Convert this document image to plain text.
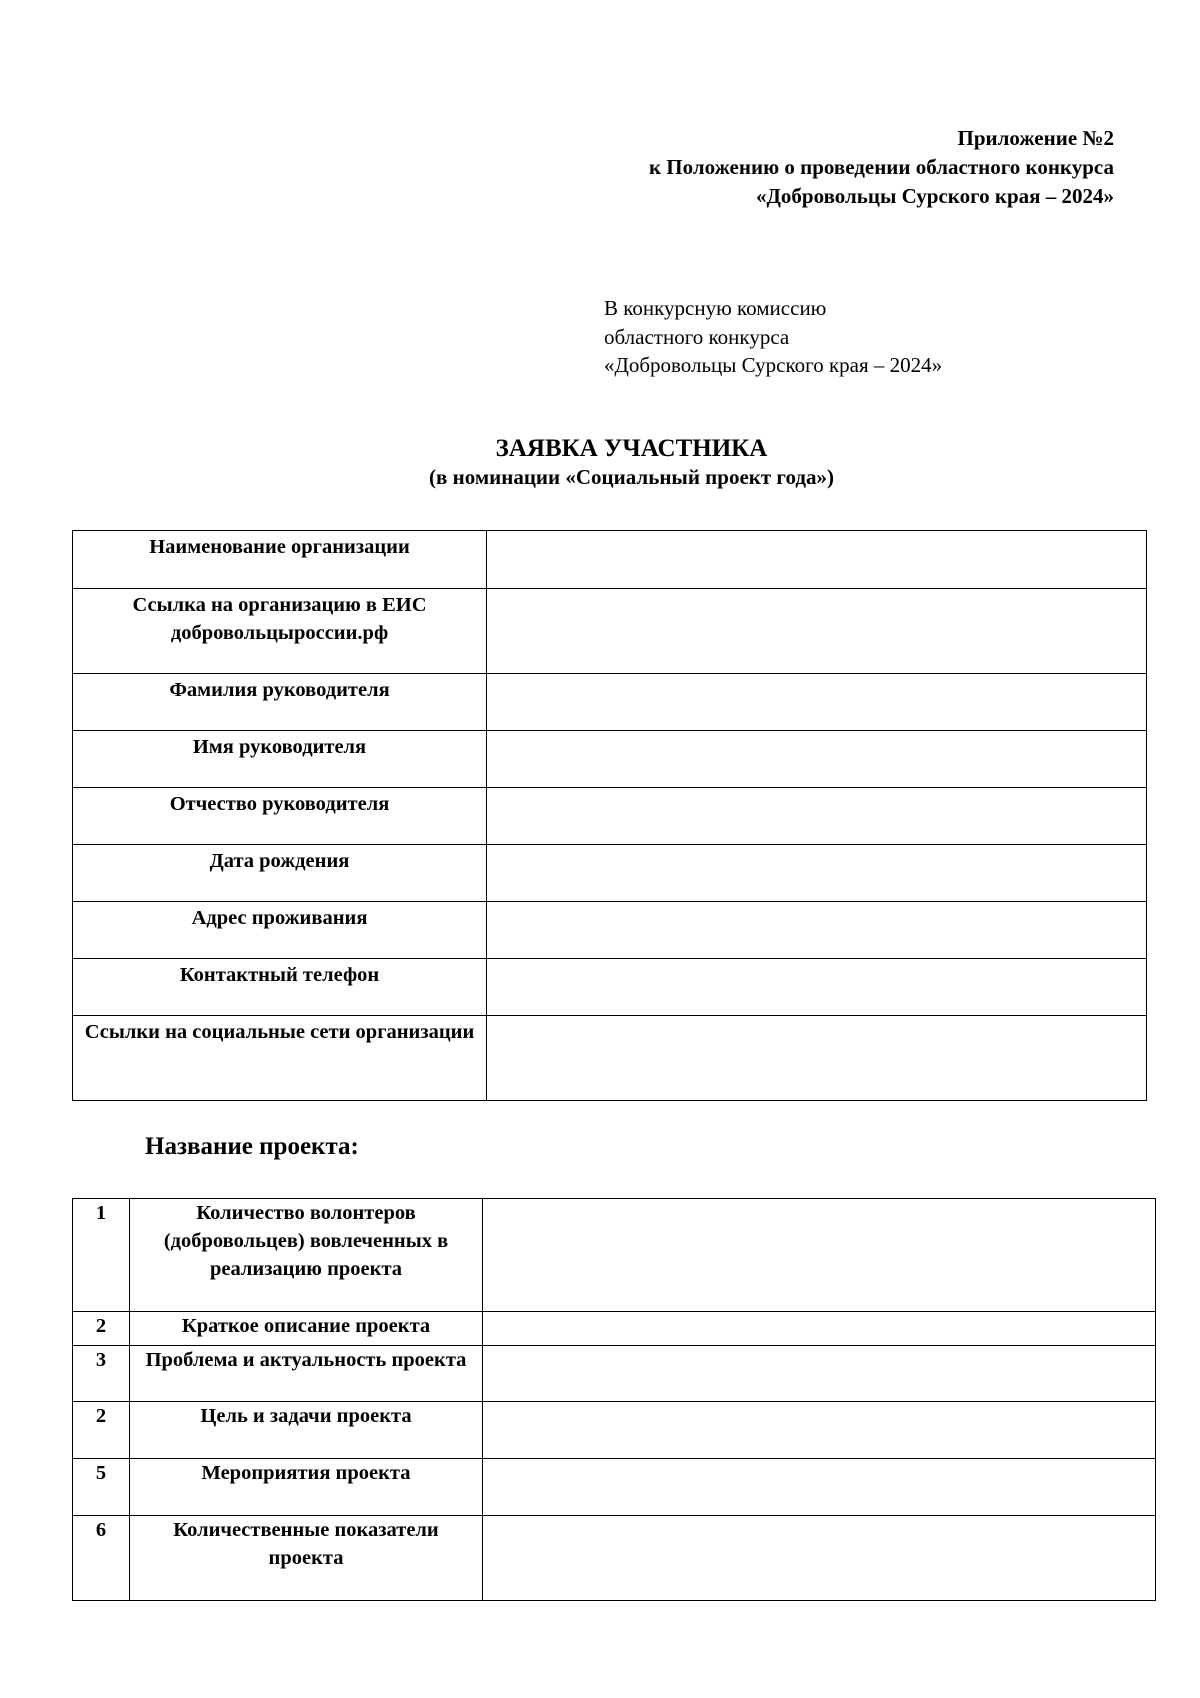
Приложение №2
к Положению о проведении областного конкурса
«Добровольцы Сурского края – 2024»
В конкурсную комиссию
областного конкурса
«Добровольцы Сурского края – 2024»
ЗАЯВКА УЧАСТНИКА
(в номинации «Социальный проект года»)
Наименование организации	
Ссылка на организацию в ЕИС добровольцыроссии.рф	
Фамилия руководителя	
Имя руководителя	
Отчество руководителя	
Дата рождения	
Адрес проживания	
Контактный телефон	
Ссылки на социальные сети организации	
Название проекта:
1	Количество волонтеров (добровольцев) вовлеченных в реализацию проекта	
2	Краткое описание проекта	
3	Проблема и актуальность проекта	
2	Цель и задачи проекта	
5	Мероприятия проекта	
6	Количественные показатели проекта	
